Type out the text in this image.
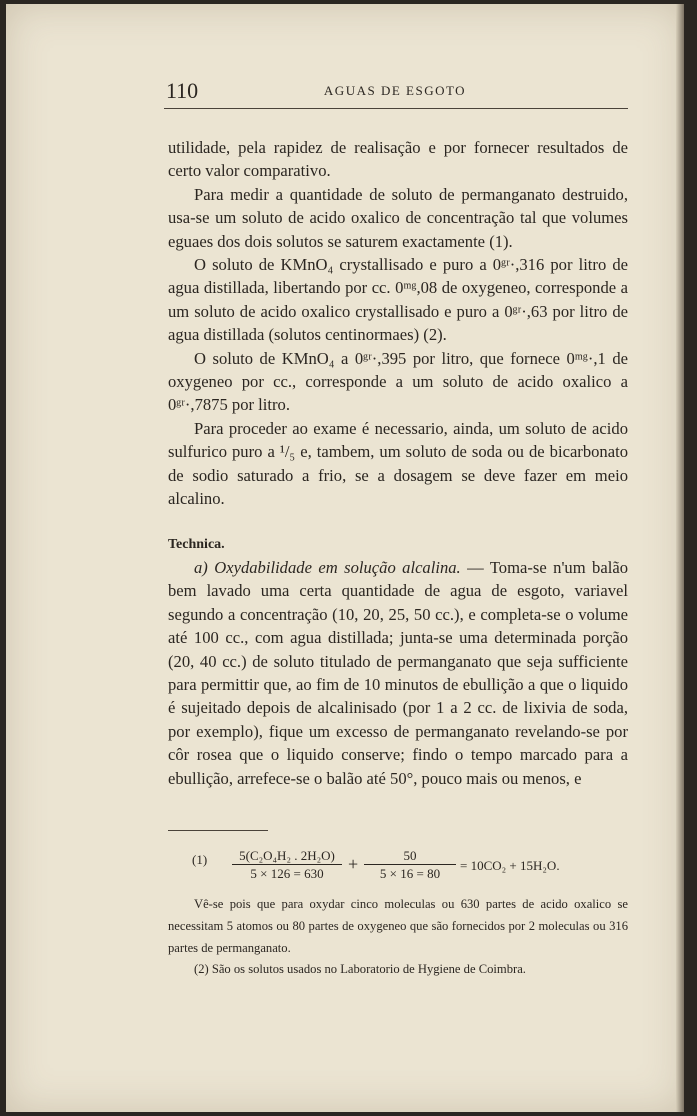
110	AGUAS DE ESGOTO

utilidade, pela rapidez de realisação e por fornecer resultados de certo valor comparativo.

Para medir a quantidade de soluto de permanganato destruido, usa-se um soluto de acido oxalico de concentração tal que volumes eguaes dos dois solutos se saturem exactamente (1).

O soluto de KMnO₄ crystallisado e puro a 0ᵍʳ·,316 por litro de agua distillada, libertando por cc. 0ᵐᵍ,08 de oxygeneo, corresponde a um soluto de acido oxalico crystallisado e puro a 0ᵍʳ·,63 por litro de agua distillada (solutos centinormaes) (2).

O soluto de KMnO₄ a 0ᵍʳ·,395 por litro, que fornece 0ᵐᵍ·,1 de oxygeneo por cc., corresponde a um soluto de acido oxalico a 0ᵍʳ·,7875 por litro.

Para proceder ao exame é necessario, ainda, um soluto de acido sulfurico puro a ¹/₅ e, tambem, um soluto de soda ou de bicarbonato de sodio saturado a frio, se a dosagem se deve fazer em meio alcalino.

Technica.

a) Oxydabilidade em solução alcalina. — Toma-se n'um balão bem lavado uma certa quantidade de agua de esgoto, variavel segundo a concentração (10, 20, 25, 50 cc.), e completa-se o volume até 100 cc., com agua distillada; junta-se uma determinada porção (20, 40 cc.) de soluto titulado de permanganato que seja sufficiente para permittir que, ao fim de 10 minutos de ebullição a que o liquido é sujeitado depois de alcalinisado (por 1 a 2 cc. de lixivia de soda, por exemplo), fique um excesso de permanganato revelando-se por côr rosea que o liquido conserve; findo o tempo marcado para a ebullição, arrefece-se o balão até 50°, pouco mais ou menos, e

$(1) \frac{\text{5(C₂O₄H₂ . 2H₂O)}}{5 \times 126 = 630} + \frac{50}{5 \times 16 = 80} = 10CO_2 + 15H_2O$.

Vê-se pois que para oxydar cinco moleculas ou 630 partes de acido oxalico se necessitam 5 atomos ou 80 partes de oxygeneo que são fornecidos por 2 moleculas ou 316 partes de permanganato.

(2) São os solutos usados no Laboratorio de Hygiene de Coimbra.
